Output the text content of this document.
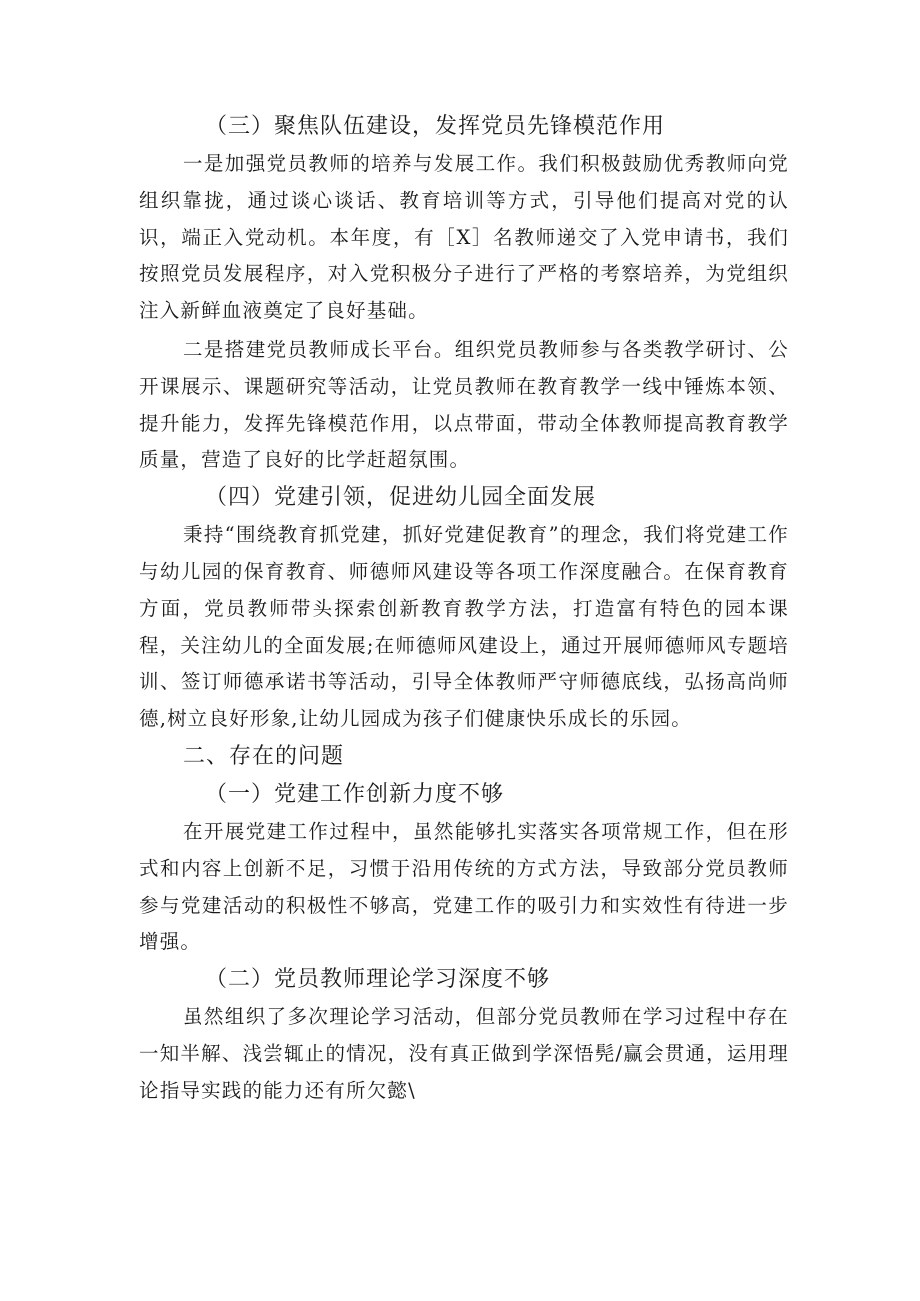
（三）聚焦队伍建设，发挥党员先锋模范作用

一是加强党员教师的培养与发展工作。我们积极鼓励优秀教师向党组织靠拢，通过谈心谈话、教育培训等方式，引导他们提高对党的认识，端正入党动机。本年度，有［X］名教师递交了入党申请书，我们按照党员发展程序，对入党积极分子进行了严格的考察培养，为党组织注入新鲜血液奠定了良好基础。

二是搭建党员教师成长平台。组织党员教师参与各类教学研讨、公开课展示、课题研究等活动，让党员教师在教育教学一线中锤炼本领、提升能力，发挥先锋模范作用，以点带面，带动全体教师提高教育教学质量，营造了良好的比学赶超氛围。

（四）党建引领，促进幼儿园全面发展

秉持“围绕教育抓党建，抓好党建促教育”的理念，我们将党建工作与幼儿园的保育教育、师德师风建设等各项工作深度融合。在保育教育方面，党员教师带头探索创新教育教学方法，打造富有特色的园本课程，关注幼儿的全面发展;在师德师风建设上，通过开展师德师风专题培训、签订师德承诺书等活动，引导全体教师严守师德底线，弘扬高尚师德,树立良好形象,让幼儿园成为孩子们健康快乐成长的乐园。

二、存在的问题
（一）党建工作创新力度不够

在开展党建工作过程中，虽然能够扎实落实各项常规工作，但在形式和内容上创新不足，习惯于沿用传统的方式方法，导致部分党员教师参与党建活动的积极性不够高，党建工作的吸引力和实效性有待进一步增强。

（二）党员教师理论学习深度不够

虽然组织了多次理论学习活动，但部分党员教师在学习过程中存在一知半解、浅尝辄止的情况，没有真正做到学深悟髡/赢会贯通，运用理论指导实践的能力还有所欠懿\
